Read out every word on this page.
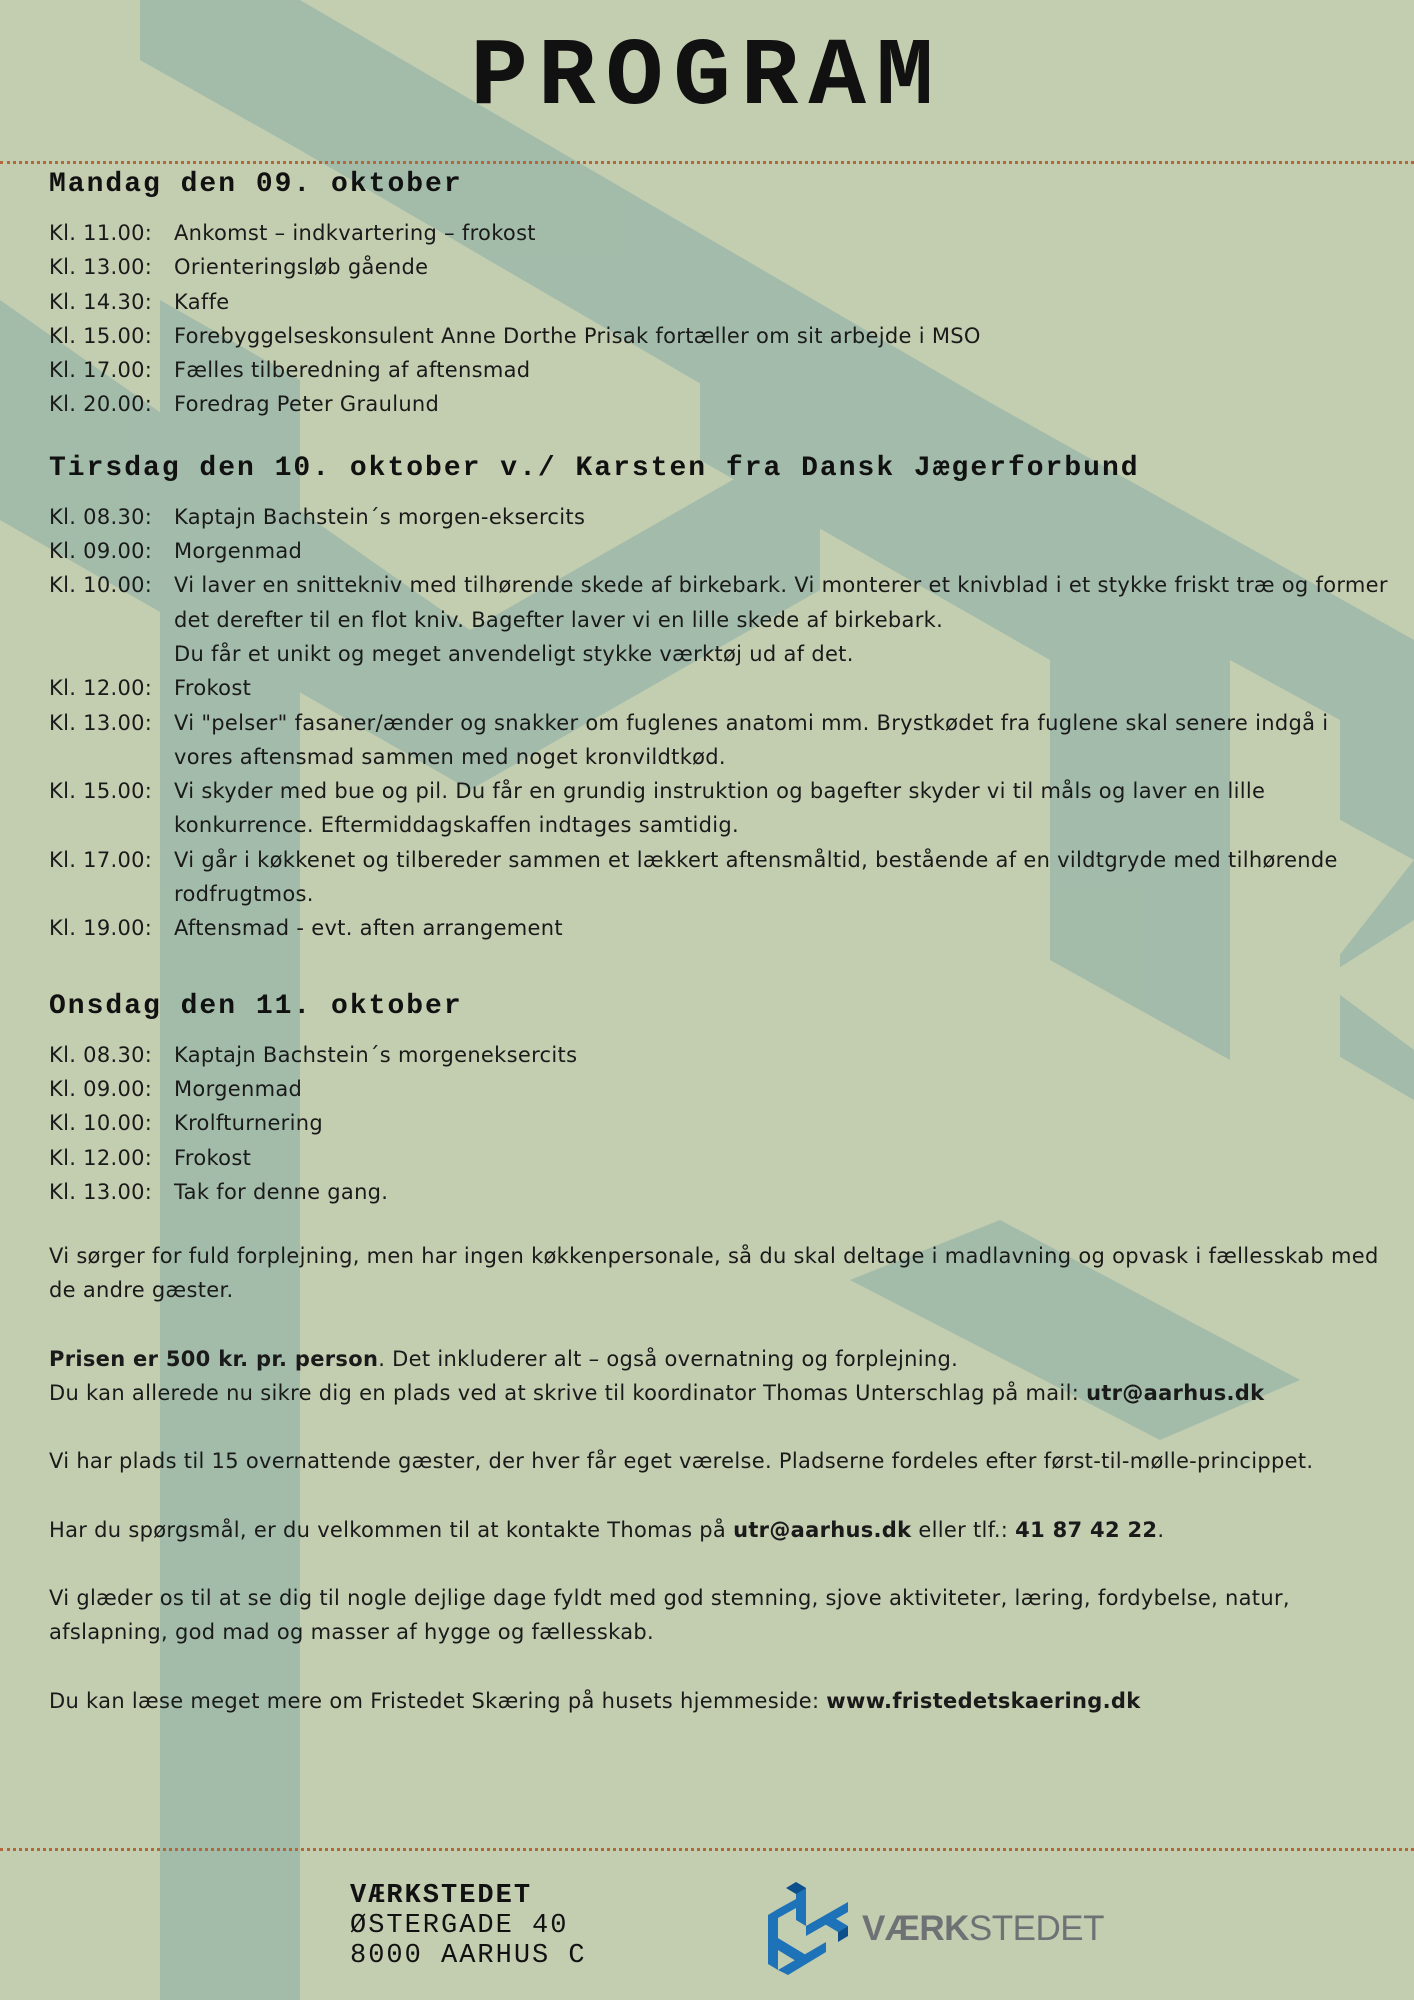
PROGRAM
Mandag den 09. oktober
Kl. 11.00:	Ankomst – indkvartering – frokost
Kl. 13.00:	Orienteringsløb gående
Kl. 14.30:	Kaffe
Kl. 15.00:	Forebyggelseskonsulent Anne Dorthe Prisak fortæller om sit arbejde i MSO
Kl. 17.00:	Fælles tilberedning af aftensmad
Kl. 20.00:	Foredrag Peter Graulund
Tirsdag den 10. oktober v./ Karsten fra Dansk Jægerforbund
Kl. 08.30:	Kaptajn Bachstein´s morgen-eksercits
Kl. 09.00:	Morgenmad
Kl. 10.00:	Vi laver en snittekniv med tilhørende skede af birkebark. Vi monterer et knivblad i et stykke friskt træ og former det derefter til en flot kniv. Bagefter laver vi en lille skede af birkebark.
Du får et unikt og meget anvendeligt stykke værktøj ud af det.
Kl. 12.00:	Frokost
Kl. 13.00:	Vi "pelser" fasaner/ænder og snakker om fuglenes anatomi mm. Brystkødet fra fuglene skal senere indgå i vores aftensmad sammen med noget kronvildtkød.
Kl. 15.00:	Vi skyder med bue og pil. Du får en grundig instruktion og bagefter skyder vi til måls og laver en lille konkurrence. Eftermiddagskaffen indtages samtidig.
Kl. 17.00:	Vi går i køkkenet og tilbereder sammen et lækkert aftensmåltid, bestående af en vildtgryde med tilhørende rodfrugtmos.
Kl. 19.00:	Aftensmad - evt. aften arrangement
Onsdag den 11. oktober
Kl. 08.30:	Kaptajn Bachstein´s morgeneksercits
Kl. 09.00:	Morgenmad
Kl. 10.00:	Krolfturnering
Kl. 12.00:	Frokost
Kl. 13.00:	Tak for denne gang.

Vi sørger for fuld forplejning, men har ingen køkkenpersonale, så du skal deltage i madlavning og opvask i fællesskab med de andre gæster.

Prisen er 500 kr. pr. person. Det inkluderer alt – også overnatning og forplejning.
Du kan allerede nu sikre dig en plads ved at skrive til koordinator Thomas Unterschlag på mail: utr@aarhus.dk

Vi har plads til 15 overnattende gæster, der hver får eget værelse. Pladserne fordeles efter først-til-mølle-princippet.

Har du spørgsmål, er du velkommen til at kontakte Thomas på utr@aarhus.dk eller tlf.: 41 87 42 22.

Vi glæder os til at se dig til nogle dejlige dage fyldt med god stemning, sjove aktiviteter, læring, fordybelse, natur, afslapning, god mad og masser af hygge og fællesskab.

Du kan læse meget mere om Fristedet Skæring på husets hjemmeside: www.fristedetskaering.dk

VÆRKSTEDET
ØSTERGADE 40
8000 AARHUS C
VÆRKSTEDET
